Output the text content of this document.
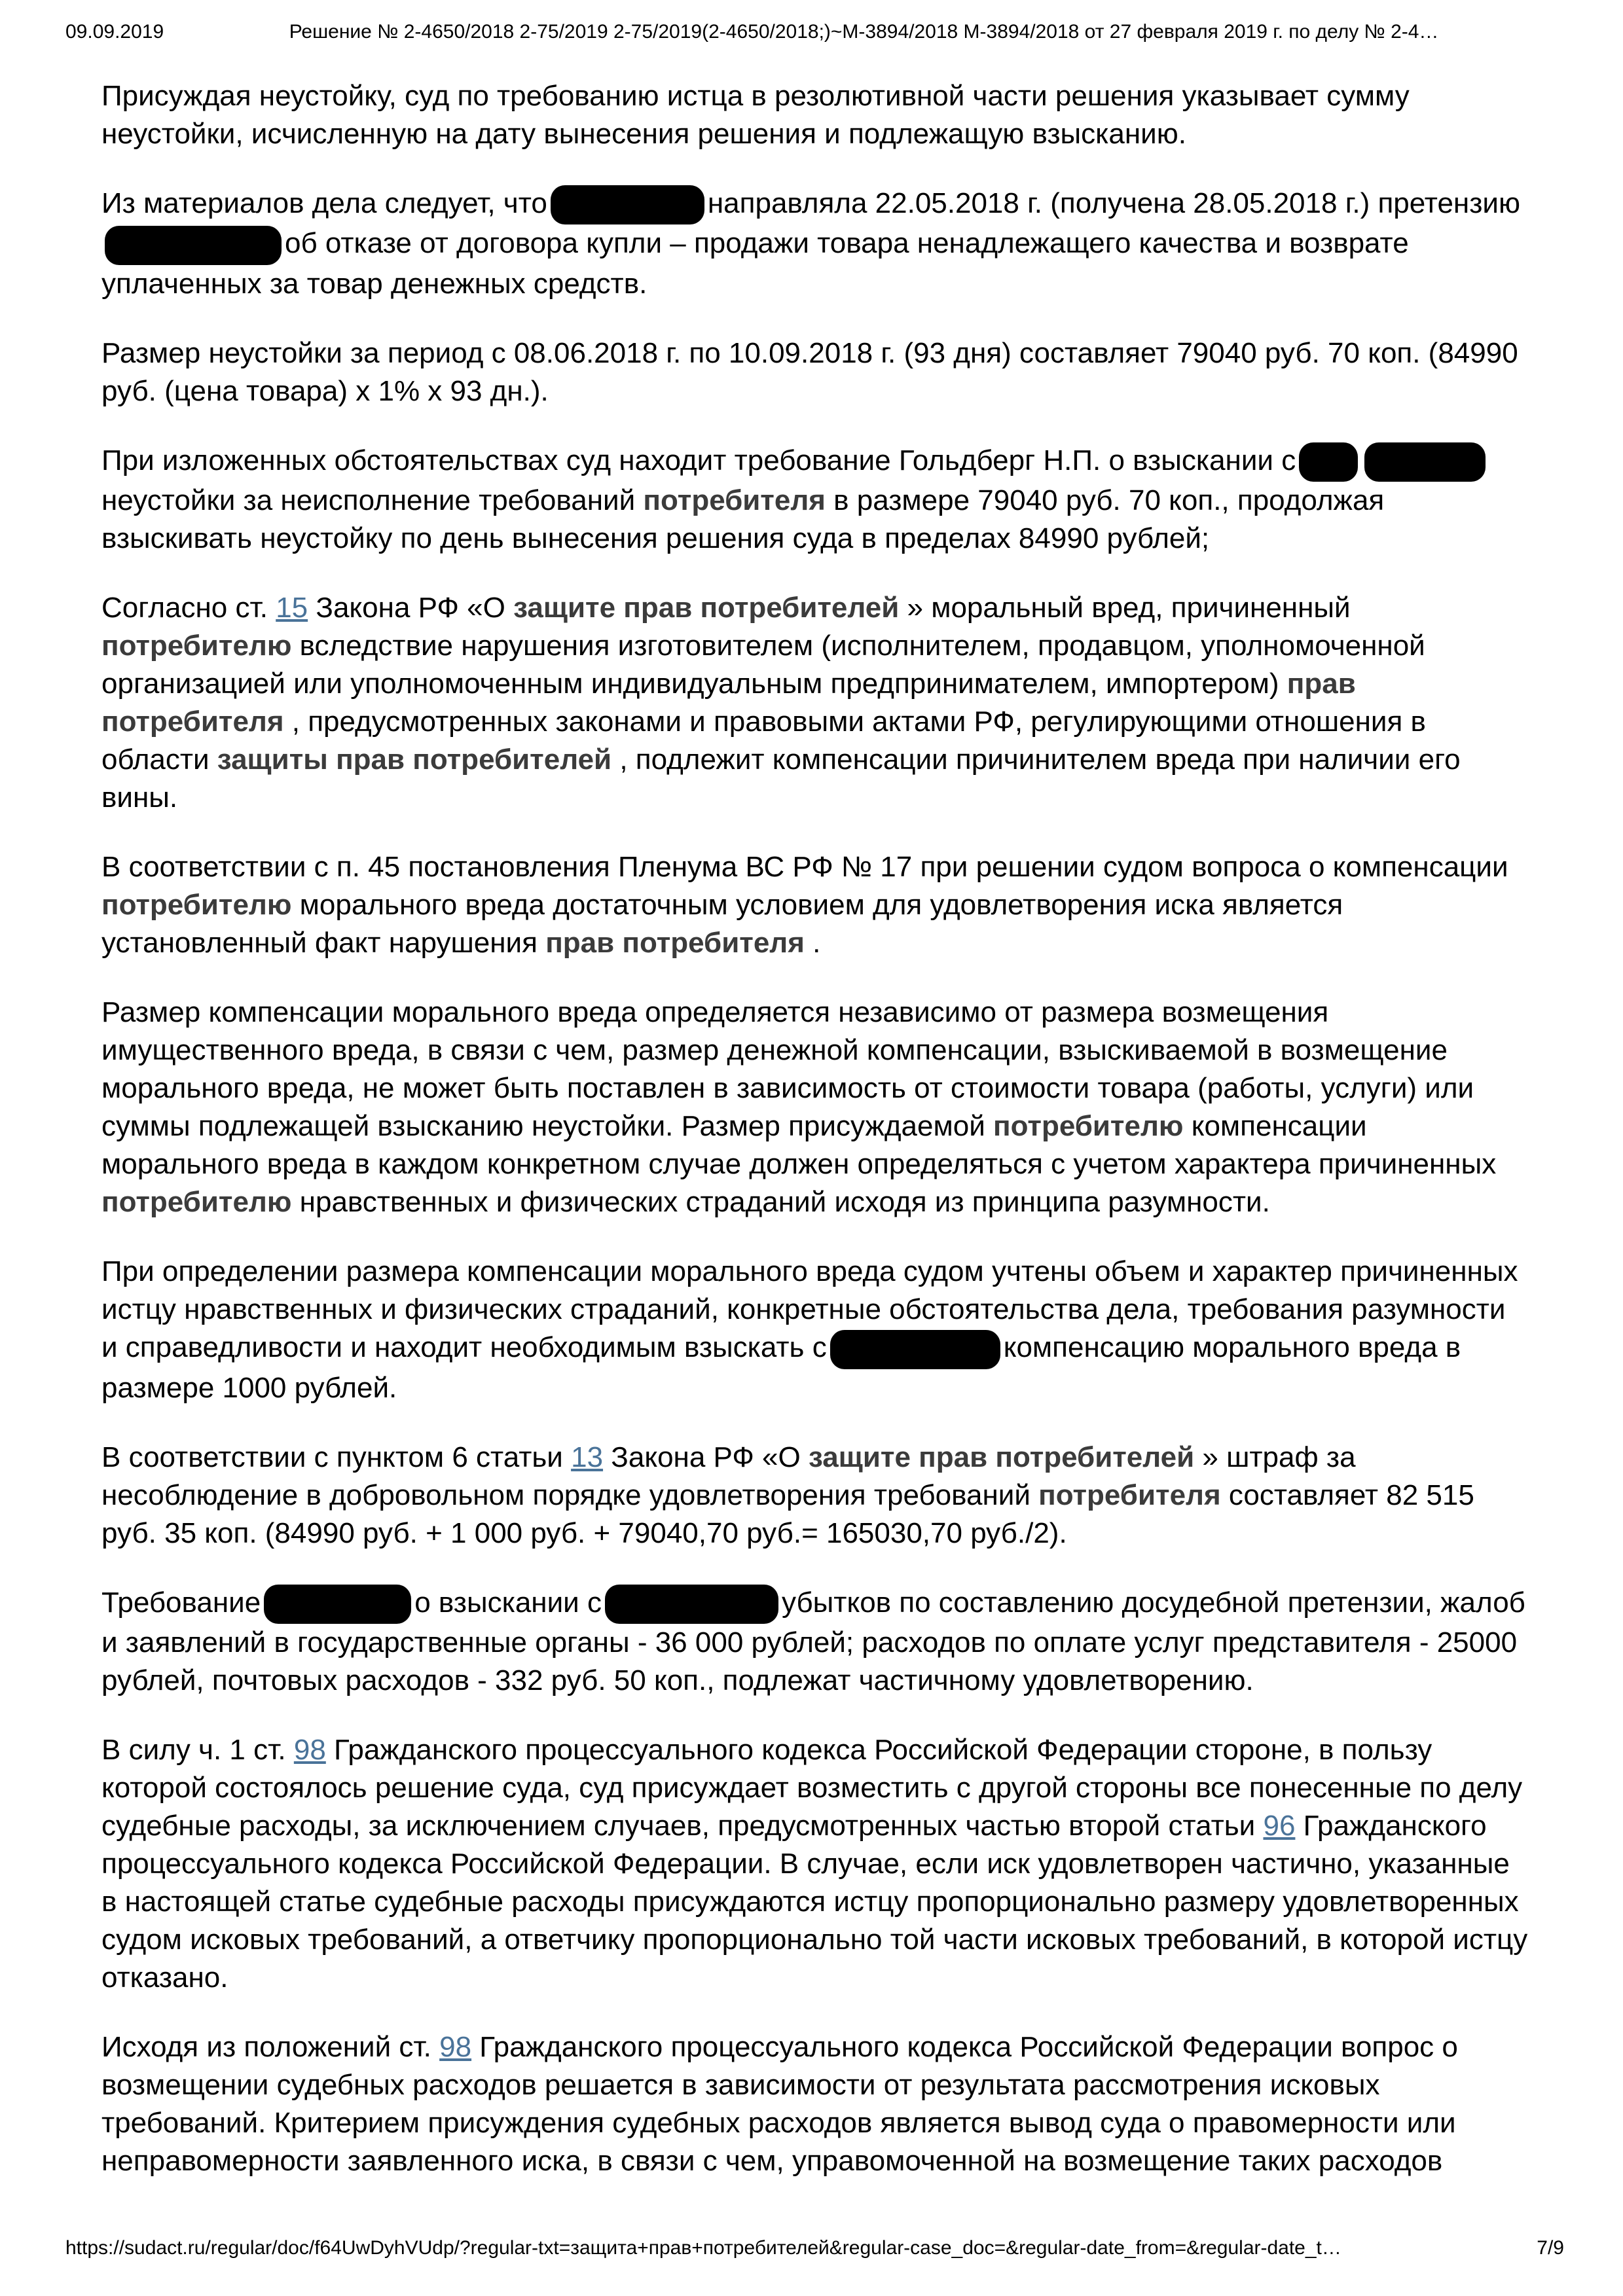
09.09.2019	Решение № 2-4650/2018 2-75/2019 2-75/2019(2-4650/2018;)~М-3894/2018 М-3894/2018 от 27 февраля 2019 г. по делу № 2-4…

Присуждая неустойку, суд по требованию истца в резолютивной части решения указывает сумму неустойки, исчисленную на дату вынесения решения и подлежащую взысканию.

Из материалов дела следует, что	направляла 22.05.2018 г. (получена 28.05.2018 г.) претензиюоб отказе от договора купли – продажи товара ненадлежащего качества и возврате уплаченных за товар денежных средств.

Размер неустойки за период с 08.06.2018 г. по 10.09.2018 г. (93 дня) составляет 79040 руб. 70 коп. (84990 руб. (цена товара) x 1% x 93 дн.).

При изложенных обстоятельствах суд находит требование Гольдберг Н.П. о взыскании снеустойки за неисполнение требований потребителя в размере 79040 руб. 70 коп., продолжая взыскивать неустойку по день вынесения решения суда в пределах 84990 рублей;

Согласно ст. 15 Закона РФ «О защите прав потребителей » моральный вред, причиненный потребителю вследствие нарушения изготовителем (исполнителем, продавцом, уполномоченной организацией или уполномоченным индивидуальным предпринимателем, импортером) прав потребителя , предусмотренных законами и правовыми актами РФ, регулирующими отношения в области защиты прав потребителей , подлежит компенсации причинителем вреда при наличии его вины.

В соответствии с п. 45 постановления Пленума ВС РФ № 17 при решении судом вопроса о компенсации потребителю морального вреда достаточным условием для удовлетворения иска является установленный факт нарушения прав потребителя .

Размер компенсации морального вреда определяется независимо от размера возмещения имущественного вреда, в связи с чем, размер денежной компенсации, взыскиваемой в возмещение морального вреда, не может быть поставлен в зависимость от стоимости товара (работы, услуги) или суммы подлежащей взысканию неустойки. Размер присуждаемой потребителю компенсации морального вреда в каждом конкретном случае должен определяться с учетом характера причиненных потребителю нравственных и физических страданий исходя из принципа разумности.

При определении размера компенсации морального вреда судом учтены объем и характер причиненных истцу нравственных и физических страданий, конкретные обстоятельства дела, требования разумности и справедливости и находит необходимым взыскать с	компенсацию морального вреда в размере 1000 рублей.

В соответствии с пунктом 6 статьи 13 Закона РФ «О защите прав потребителей » штраф за несоблюдение в добровольном порядке удовлетворения требований потребителя составляет 82 515 руб. 35 коп. (84990 руб. + 1 000 руб. + 79040,70 руб.= 165030,70 руб./2).

Требование	о взыскании с	убытков по составлению досудебной претензии, жалоб и заявлений в государственные органы - 36 000 рублей; расходов по оплате услуг представителя - 25000 рублей, почтовых расходов - 332 руб. 50 коп., подлежат частичному удовлетворению.

В силу ч. 1 ст. 98 Гражданского процессуального кодекса Российской Федерации стороне, в пользу которой состоялось решение суда, суд присуждает возместить с другой стороны все понесенные по делу судебные расходы, за исключением случаев, предусмотренных частью второй статьи 96 Гражданского процессуального кодекса Российской Федерации. В случае, если иск удовлетворен частично, указанные в настоящей статье судебные расходы присуждаются истцу пропорционально размеру удовлетворенных судом исковых требований, а ответчику пропорционально той части исковых требований, в которой истцу отказано.

Исходя из положений ст. 98 Гражданского процессуального кодекса Российской Федерации вопрос о возмещении судебных расходов решается в зависимости от результата рассмотрения исковых требований. Критерием присуждения судебных расходов является вывод суда о правомерности или неправомерности заявленного иска, в связи с чем, управомоченной на возмещение таких расходов

https://sudact.ru/regular/doc/f64UwDyhVUdp/?regular-txt=защита+прав+потребителей&regular-case_doc=&regular-date_from=&regular-date_t…	7/9
